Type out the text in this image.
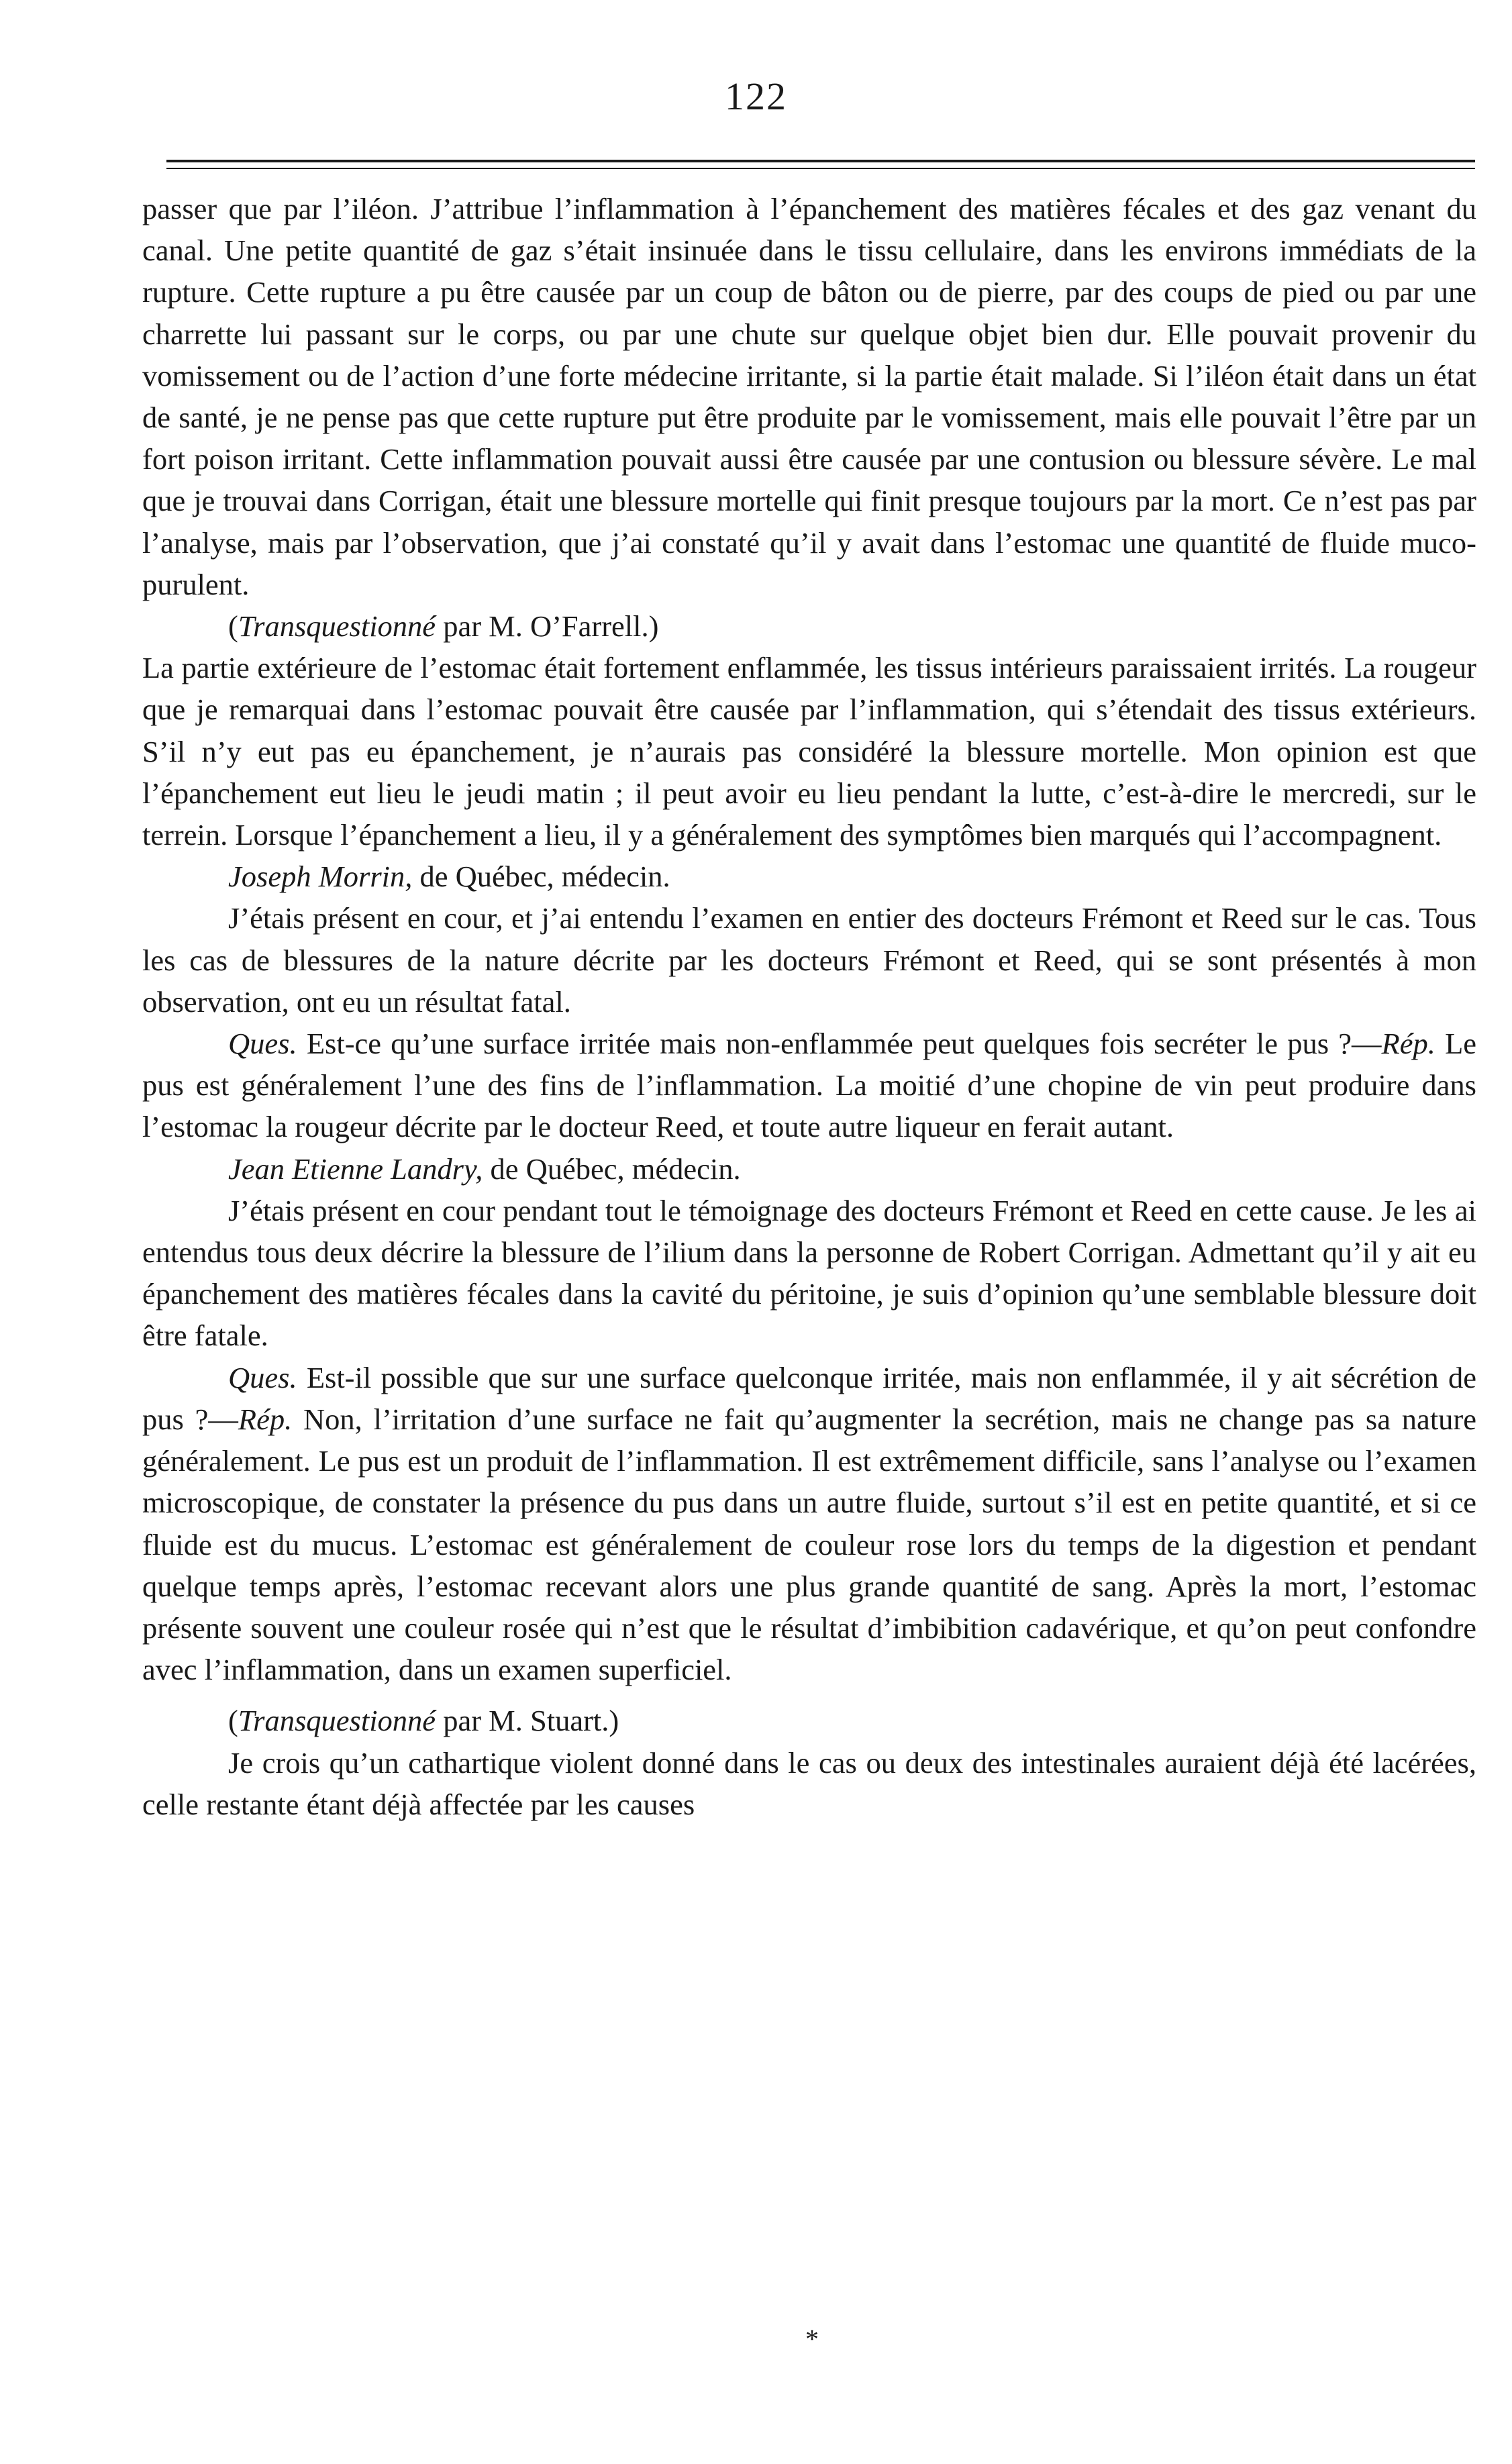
122

passer que par l’iléon. J’attribue l’inflammation à l’épanchement des matières fécales et des gaz venant du canal. Une petite quantité de gaz s’était insinuée dans le tissu cellulaire, dans les environs immédiats de la rupture. Cette rupture a pu être causée par un coup de bâton ou de pierre, par des coups de pied ou par une charrette lui passant sur le corps, ou par une chute sur quelque objet bien dur. Elle pouvait provenir du vomissement ou de l’action d’une forte médecine irritante, si la partie était malade. Si l’iléon était dans un état de santé, je ne pense pas que cette rupture put être produite par le vomissement, mais elle pouvait l’être par un fort poison irritant. Cette inflammation pouvait aussi être causée par une contusion ou blessure sévère. Le mal que je trouvai dans Corrigan, était une blessure mortelle qui finit presque toujours par la mort. Ce n’est pas par l’analyse, mais par l’observation, que j’ai constaté qu’il y avait dans l’estomac une quantité de fluide muco-purulent.

(Transquestionné par M. O’Farrell.)

La partie extérieure de l’estomac était fortement enflammée, les tissus intérieurs paraissaient irrités. La rougeur que je remarquai dans l’estomac pouvait être causée par l’inflammation, qui s’étendait des tissus extérieurs. S’il n’y eut pas eu épanchement, je n’aurais pas considéré la blessure mortelle. Mon opinion est que l’épanchement eut lieu le jeudi matin ; il peut avoir eu lieu pendant la lutte, c’est-à-dire le mercredi, sur le terrein. Lorsque l’épanchement a lieu, il y a généralement des symptômes bien marqués qui l’accompagnent.

Joseph Morrin, de Québec, médecin.

J’étais présent en cour, et j’ai entendu l’examen en entier des docteurs Frémont et Reed sur le cas. Tous les cas de blessures de la nature décrite par les docteurs Frémont et Reed, qui se sont présentés à mon observation, ont eu un résultat fatal.

Ques. Est-ce qu’une surface irritée mais non-enflammée peut quelques fois secréter le pus ?—Rép. Le pus est généralement l’une des fins de l’inflammation. La moitié d’une chopine de vin peut produire dans l’estomac la rougeur décrite par le docteur Reed, et toute autre liqueur en ferait autant.

Jean Etienne Landry, de Québec, médecin.

J’étais présent en cour pendant tout le témoignage des docteurs Frémont et Reed en cette cause. Je les ai entendus tous deux décrire la blessure de l’ilium dans la personne de Robert Corrigan. Admettant qu’il y ait eu épanchement des matières fécales dans la cavité du péritoine, je suis d’opinion qu’une semblable blessure doit être fatale.

Ques. Est-il possible que sur une surface quelconque irritée, mais non enflammée, il y ait sécrétion de pus ?—Rép. Non, l’irritation d’une surface ne fait qu’augmenter la secrétion, mais ne change pas sa nature généralement. Le pus est un produit de l’inflammation. Il est extrêmement difficile, sans l’analyse ou l’examen microscopique, de constater la présence du pus dans un autre fluide, surtout s’il est en petite quantité, et si ce fluide est du mucus. L’estomac est généralement de couleur rose lors du temps de la digestion et pendant quelque temps après, l’estomac recevant alors une plus grande quantité de sang. Après la mort, l’estomac présente souvent une couleur rosée qui n’est que le résultat d’imbibition cadavérique, et qu’on peut confondre avec l’inflammation, dans un examen superficiel.

(Transquestionné par M. Stuart.)

Je crois qu’un cathartique violent donné dans le cas ou deux des intestinales auraient déjà été lacérées, celle restante étant déjà affectée par les causes

*
